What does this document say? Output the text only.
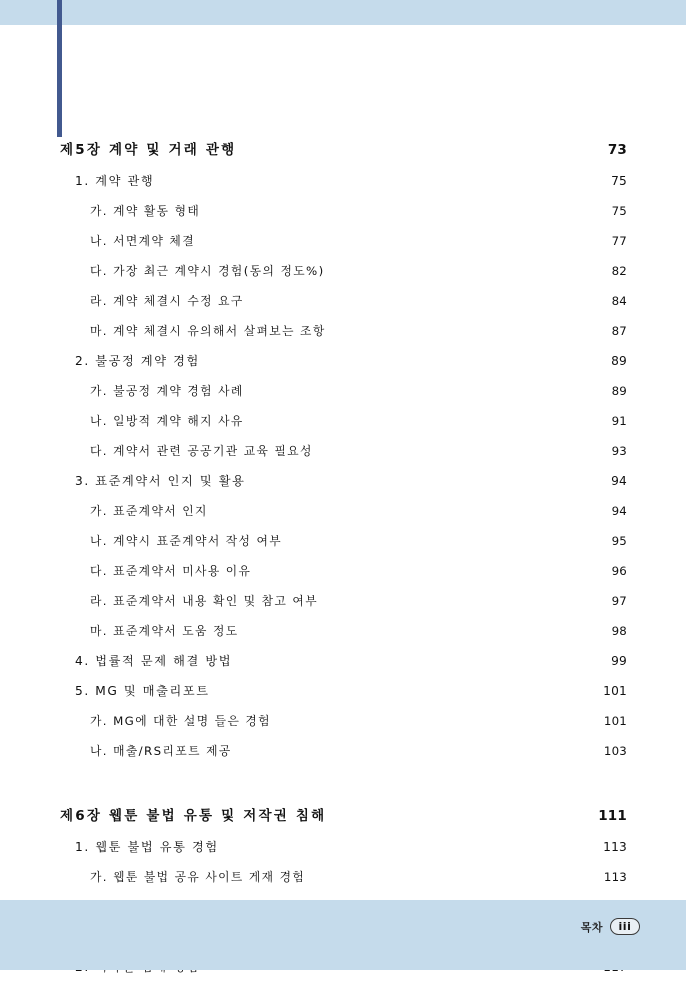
제5장 계약 및 거래 관행 ·····	73
1. 계약 관행 ·····	75
가. 계약 활동 형태 ·····	75
나. 서면계약 체결 ·····	77
다. 가장 최근 계약시 경험(동의 정도%) ·····	82
라. 계약 체결시 수정 요구 ·····	84
마. 계약 체결시 유의해서 살펴보는 조항 ·····	87
2. 불공정 계약 경험 ·····	89
가. 불공정 계약 경험 사례 ·····	89
나. 일방적 계약 해지 사유 ·····	91
다. 계약서 관련 공공기관 교육 필요성 ·····	93
3. 표준계약서 인지 및 활용 ·····	94
가. 표준계약서 인지 ·····	94
나. 계약시 표준계약서 작성 여부 ·····	95
다. 표준계약서 미사용 이유 ·····	96
라. 표준계약서 내용 확인 및 참고 여부 ·····	97
마. 표준계약서 도움 정도 ·····	98
4. 법률적 문제 해결 방법 ·····	99
5. MG 및 매출리포트 ·····	101
가. MG에 대한 설명 들은 경험 ·····	101
나. 매출/RS리포트 제공 ·····	103
제6장 웹툰 불법 유통 및 저작권 침해 ·····	111
1. 웹툰 불법 유통 경험 ·····	113
가. 웹툰 불법 공유 사이트 게재 경험 ·····	113
·····
·····
·····
목차	iii
